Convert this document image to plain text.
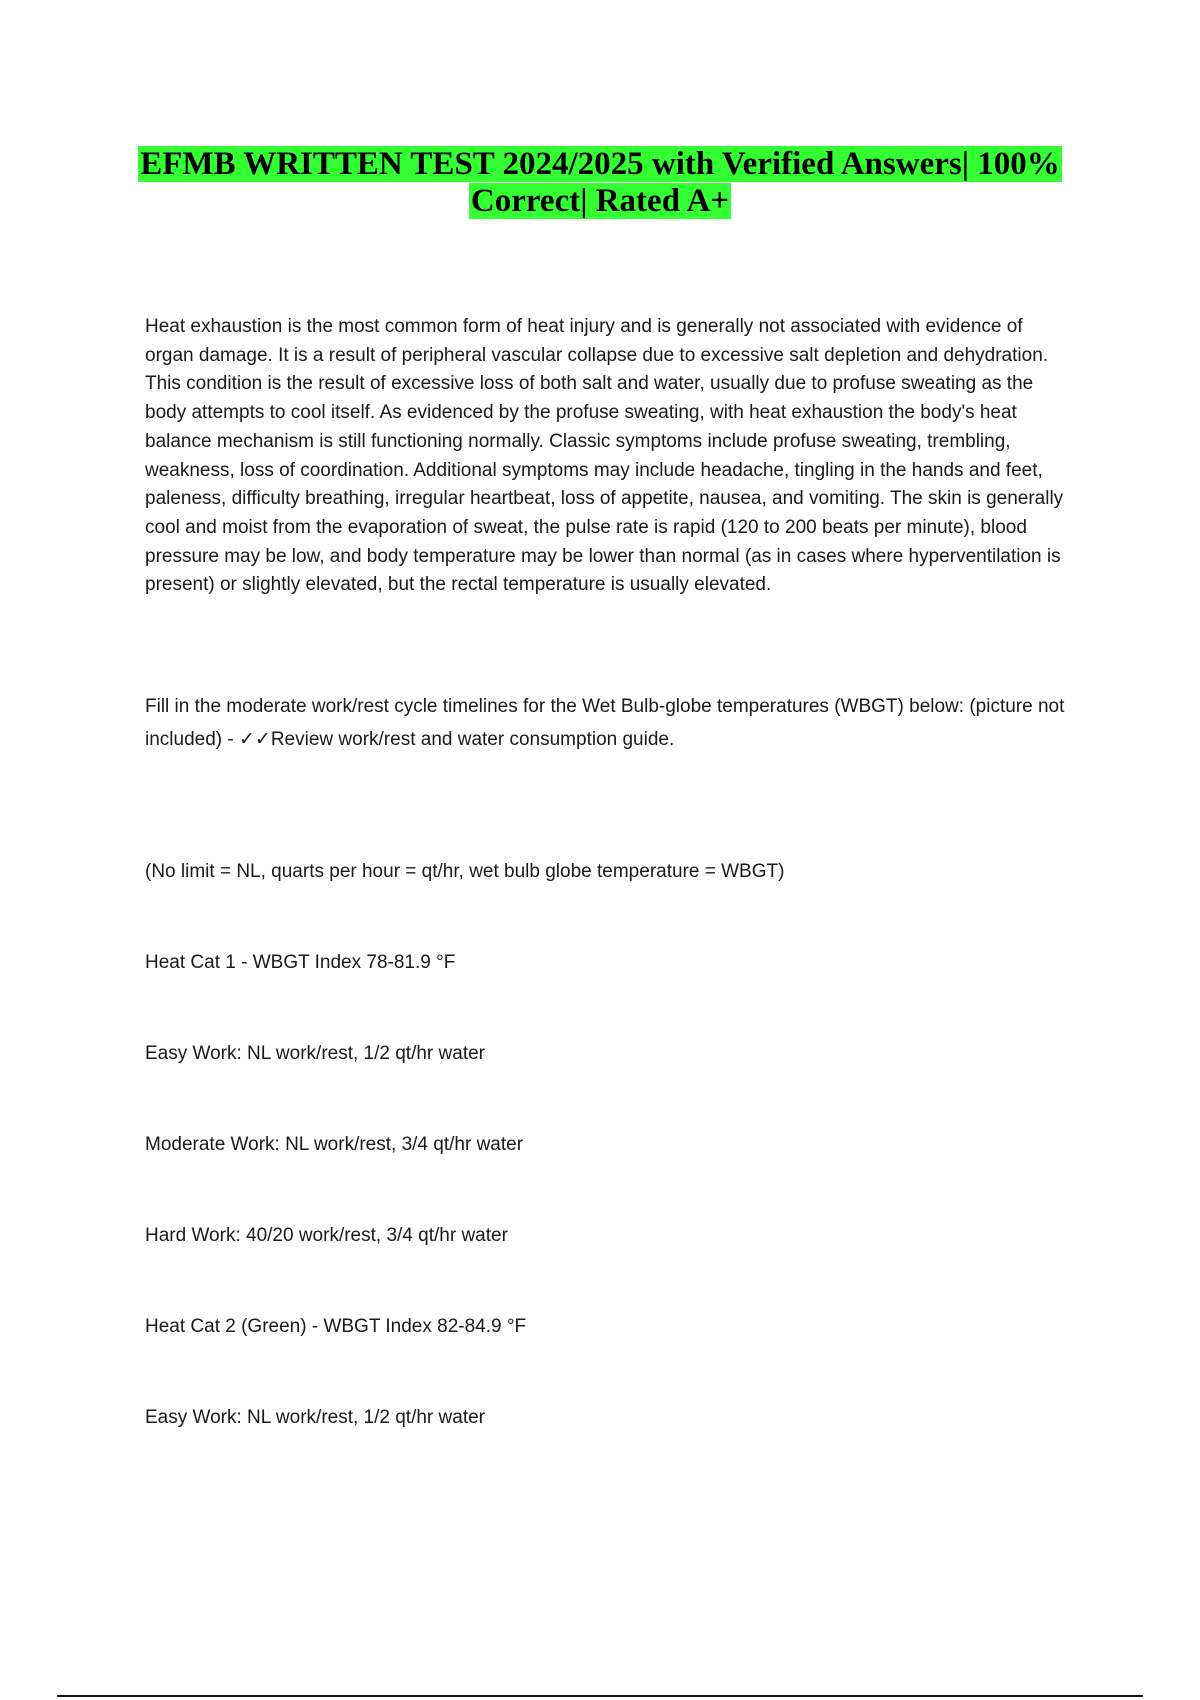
EFMB WRITTEN TEST 2024/2025 with Verified Answers| 100%
Correct| Rated A+

Heat exhaustion is the most common form of heat injury and is generally not associated with evidence of organ damage. It is a result of peripheral vascular collapse due to excessive salt depletion and dehydration. This condition is the result of excessive loss of both salt and water, usually due to profuse sweating as the body attempts to cool itself. As evidenced by the profuse sweating, with heat exhaustion the body's heat balance mechanism is still functioning normally. Classic symptoms include profuse sweating, trembling, weakness, loss of coordination. Additional symptoms may include headache, tingling in the hands and feet, paleness, difficulty breathing, irregular heartbeat, loss of appetite, nausea, and vomiting. The skin is generally cool and moist from the evaporation of sweat, the pulse rate is rapid (120 to 200 beats per minute), blood pressure may be low, and body temperature may be lower than normal (as in cases where hyperventilation is present) or slightly elevated, but the rectal temperature is usually elevated.

Fill in the moderate work/rest cycle timelines for the Wet Bulb-globe temperatures (WBGT) below: (picture not included) - ✓✓Review work/rest and water consumption guide.

(No limit = NL, quarts per hour = qt/hr, wet bulb globe temperature = WBGT)
Heat Cat 1 - WBGT Index 78-81.9 °F
Easy Work: NL work/rest, 1/2 qt/hr water
Moderate Work: NL work/rest, 3/4 qt/hr water
Hard Work: 40/20 work/rest, 3/4 qt/hr water
Heat Cat 2 (Green) - WBGT Index 82-84.9 °F
Easy Work: NL work/rest, 1/2 qt/hr water
